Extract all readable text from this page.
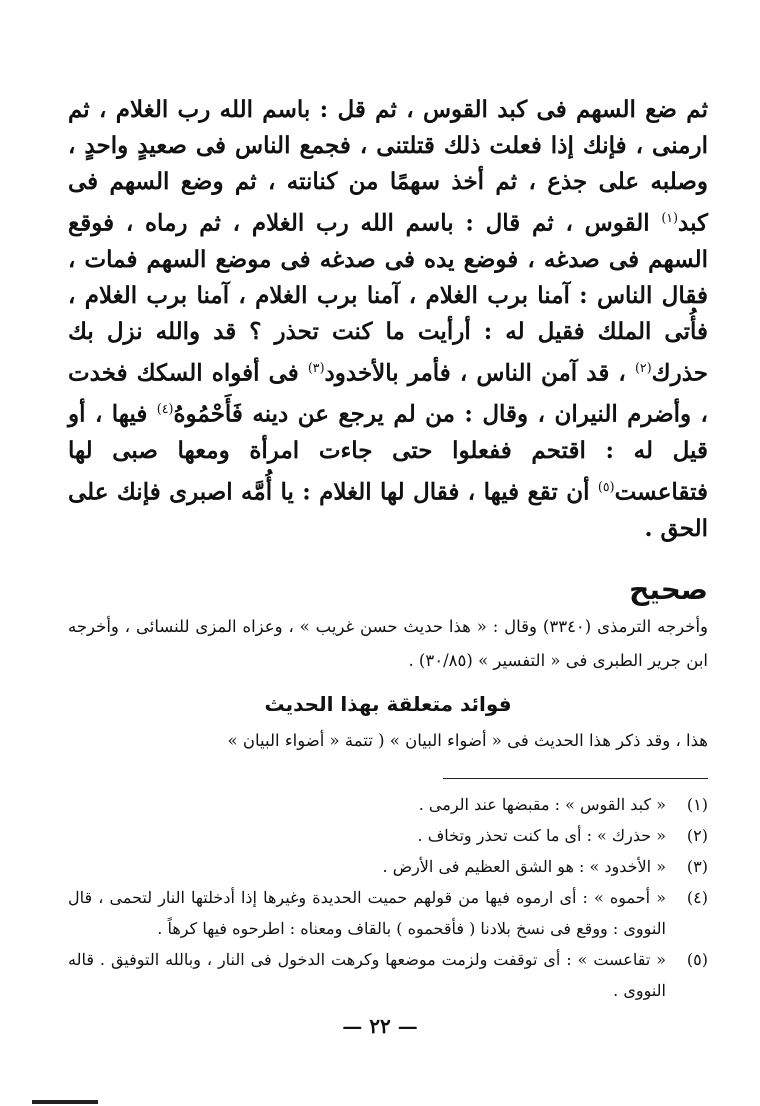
ثم ضع السهم فى كبد القوس ، ثم قل : باسم الله رب الغلام ، ثم ارمنى ، فإنك إذا فعلت ذلك قتلتنى ، فجمع الناس فى صعيدٍ واحدٍ ، وصلبه على جذع ، ثم أخذ سهمًا من كنانته ، ثم وضع السهم فى كبد$^{(١)}$ القوس ، ثم قال : باسم الله رب الغلام ، ثم رماه ، فوقع السهم فى صدغه ، فوضع يده فى صدغه فى موضع السهم فمات ، فقال الناس : آمنا برب الغلام ، آمنا برب الغلام ، آمنا برب الغلام ، فأُتى الملك فقيل له : أرأيت ما كنت تحذر ؟ قد والله نزل بك حذرك$^{(٢)}$ ، قد آمن الناس ، فأمر بالأخدود$^{(٣)}$ فى أفواه السكك فخدت ، وأضرم النيران ، وقال : من لم يرجع عن دينه فَأَحْمُوهُ$^{(٤)}$ فيها ، أو قيل له : اقتحم ففعلوا حتى جاءت امرأة ومعها صبى لها فتقاعست$^{(٥)}$ أن تقع فيها ، فقال لها الغلام : يا أُمَّه اصبرى فإنك على الحق .

صحيح

وأخرجه الترمذى (٣٣٤٠) وقال : « هذا حديث حسن غريب » ، وعزاه المزى للنسائى ، وأخرجه ابن جرير الطبرى فى « التفسير » (٣٠/٨٥) .

فوائد متعلقة بهذا الحديث

هذا ، وقد ذكر هذا الحديث فى « أضواء البيان » ( تتمة « أضواء البيان »

(١)
« كبد القوس » : مقبضها عند الرمى .
(٢)
« حذرك » : أى ما كنت تحذر وتخاف .
(٣)
« الأخدود » : هو الشق العظيم فى الأرض .
(٤)
« أحموه » : أى ارموه فيها من قولهم حميت الحديدة وغيرها إذا أدخلتها النار لتحمى ، قال النووى : ووقع فى نسخ بلادنا ( فأقحموه ) بالقاف ومعناه : اطرحوه فيها كرهاً .
(٥)
« تقاعست » : أى توقفت ولزمت موضعها وكرهت الدخول فى النار ، وبالله التوفيق . قاله النووى .
— ٢٢ —
